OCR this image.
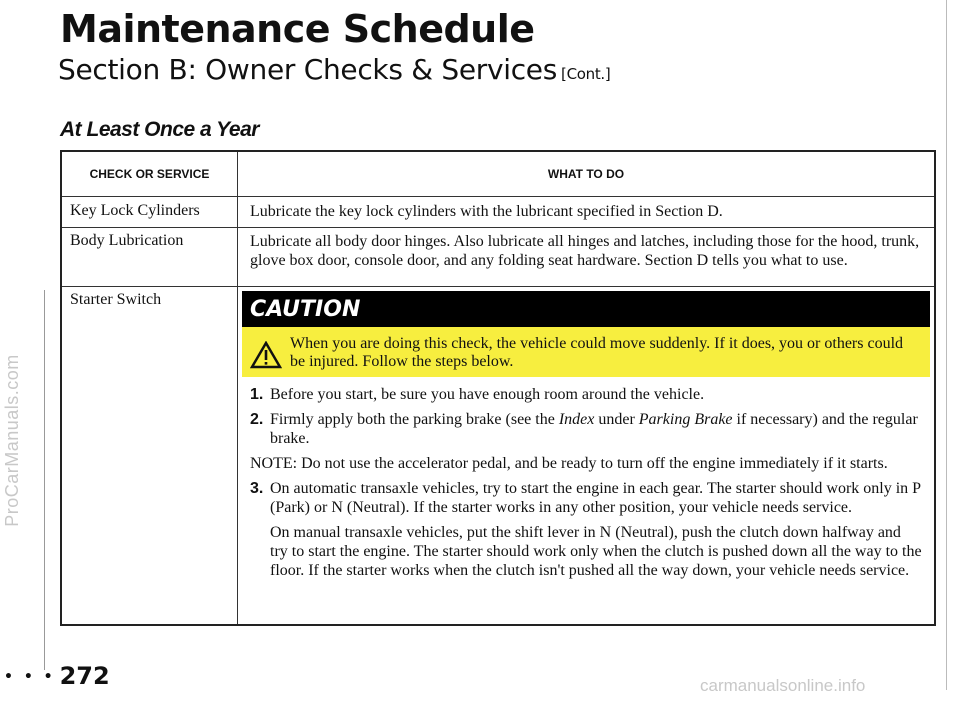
ProCarManuals.com
Maintenance Schedule
Section B: Owner Checks & Services [Cont.]
At Least Once a Year
CHECK OR SERVICE	WHAT TO DO
Key Lock Cylinders	Lubricate the key lock cylinders with the lubricant specified in Section D.
Body Lubrication	Lubricate all body door hinges. Also lubricate all hinges and latches, including those for the hood, trunk, glove box door, console door, and any folding seat hardware. Section D tells you what to use.
Starter Switch	CAUTION
When you are doing this check, the vehicle could move suddenly. If it does, you or others could be injured. Follow the steps below.
1. Before you start, be sure you have enough room around the vehicle.
2. Firmly apply both the parking brake (see the Index under Parking Brake if necessary) and the regular brake.
NOTE: Do not use the accelerator pedal, and be ready to turn off the engine immediately if it starts.
3. On automatic transaxle vehicles, try to start the engine in each gear. The starter should work only in P (Park) or N (Neutral). If the starter works in any other position, your vehicle needs service.
On manual transaxle vehicles, put the shift lever in N (Neutral), push the clutch down halfway and try to start the engine. The starter should work only when the clutch is pushed down all the way to the floor. If the starter works when the clutch isn't pushed all the way down, your vehicle needs service.
• • • 272	carmanualsonline.info
